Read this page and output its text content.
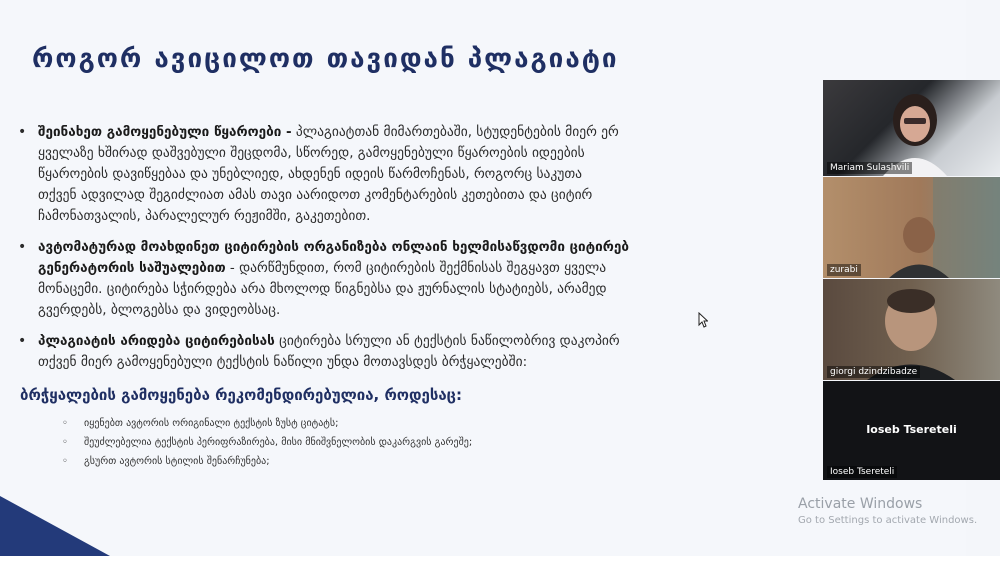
როგორ ავიცილოთ თავიდან პლაგიატი
• შეინახეთ გამოყენებული წყაროები - პლაგიატთან მიმართებაში, სტუდენტების მიერ ერ
ყველაზე ხშირად დაშვებული შეცდომა, სწორედ, გამოყენებული წყაროების იდეების
წყაროების დავიწყებაა და უნებლიედ, ახდენენ იდეის წარმოჩენას, როგორც საკუთა
თქვენ ადვილად შეგიძლიათ ამას თავი აარიდოთ კომენტარების კეთებითა და ციტირ
ჩამონათვალის, პარალელურ რეჟიმში, გაკეთებით.
• ავტომატურად მოახდინეთ ციტირების ორგანიზება ონლაინ ხელმისაწვდომი ციტირებ
გენერატორის საშუალებით - დარწმუნდით, რომ ციტირების შექმნისას შეგყავთ ყველა
მონაცემი. ციტირება სჭირდება არა მხოლოდ წიგნებსა და ჟურნალის სტატიებს, არამედ
გვერდებს, ბლოგებსა და ვიდეობსაც.
• პლაგიატის არიდება ციტირებისას ციტირება სრული ან ტექსტის ნაწილობრივ დაკოპირ
თქვენ მიერ გამოყენებული ტექსტის ნაწილი უნდა მოთავსდეს ბრჭყალებში:
ბრჭყალების გამოყენება რეკომენდირებულია, როდესაც:
◦ იყენებთ ავტორის ორიგინალი ტექსტის ზუსტ ციტატს;
◦ შეუძლებელია ტექსტის პერიფრაზირება, მისი მნიშვნელობის დაკარგვის გარეშე;
◦ გსურთ ავტორის სტილის შენარჩუნება;
Mariam Sulashvili
zurabi
giorgi dzindzibadze
Ioseb Tsereteli
Ioseb Tsereteli
Activate Windows
Go to Settings to activate Windows.
